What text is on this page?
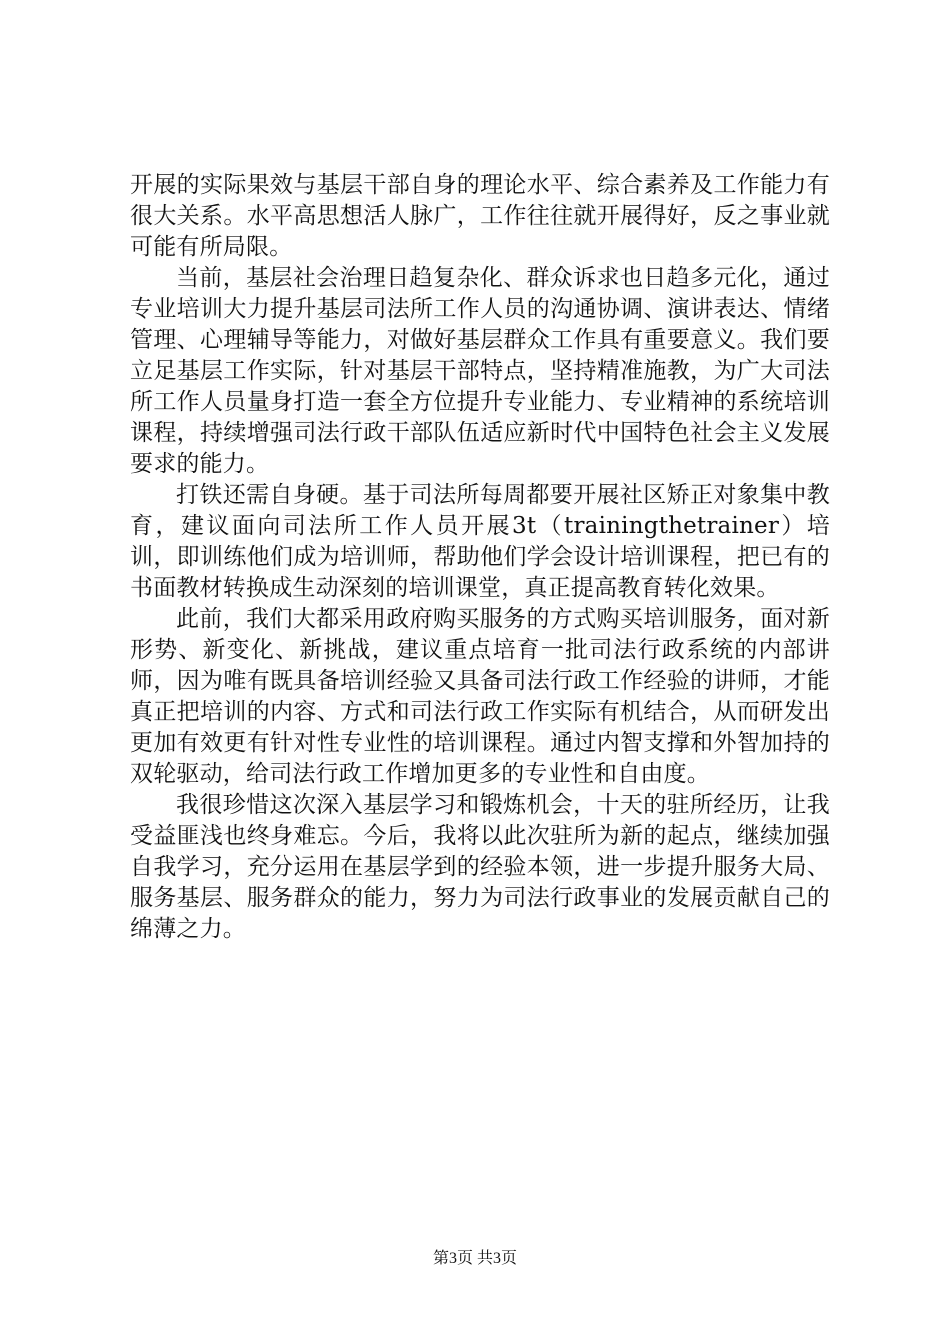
开展的实际果效与基层干部自身的理论水平、综合素养及工作能力有很大关系。水平高思想活人脉广，工作往往就开展得好，反之事业就可能有所局限。

当前，基层社会治理日趋复杂化、群众诉求也日趋多元化，通过专业培训大力提升基层司法所工作人员的沟通协调、演讲表达、情绪管理、心理辅导等能力，对做好基层群众工作具有重要意义。我们要立足基层工作实际，针对基层干部特点，坚持精准施教，为广大司法所工作人员量身打造一套全方位提升专业能力、专业精神的系统培训课程，持续增强司法行政干部队伍适应新时代中国特色社会主义发展要求的能力。

打铁还需自身硬。基于司法所每周都要开展社区矫正对象集中教育，建议面向司法所工作人员开展3t（trainingthetrainer）培训，即训练他们成为培训师，帮助他们学会设计培训课程，把已有的书面教材转换成生动深刻的培训课堂，真正提高教育转化效果。

此前，我们大都采用政府购买服务的方式购买培训服务，面对新形势、新变化、新挑战，建议重点培育一批司法行政系统的内部讲师，因为唯有既具备培训经验又具备司法行政工作经验的讲师，才能真正把培训的内容、方式和司法行政工作实际有机结合，从而研发出更加有效更有针对性专业性的培训课程。通过内智支撑和外智加持的双轮驱动，给司法行政工作增加更多的专业性和自由度。

我很珍惜这次深入基层学习和锻炼机会，十天的驻所经历，让我受益匪浅也终身难忘。今后，我将以此次驻所为新的起点，继续加强自我学习，充分运用在基层学到的经验本领，进一步提升服务大局、服务基层、服务群众的能力，努力为司法行政事业的发展贡献自己的绵薄之力。

第3页 共3页
